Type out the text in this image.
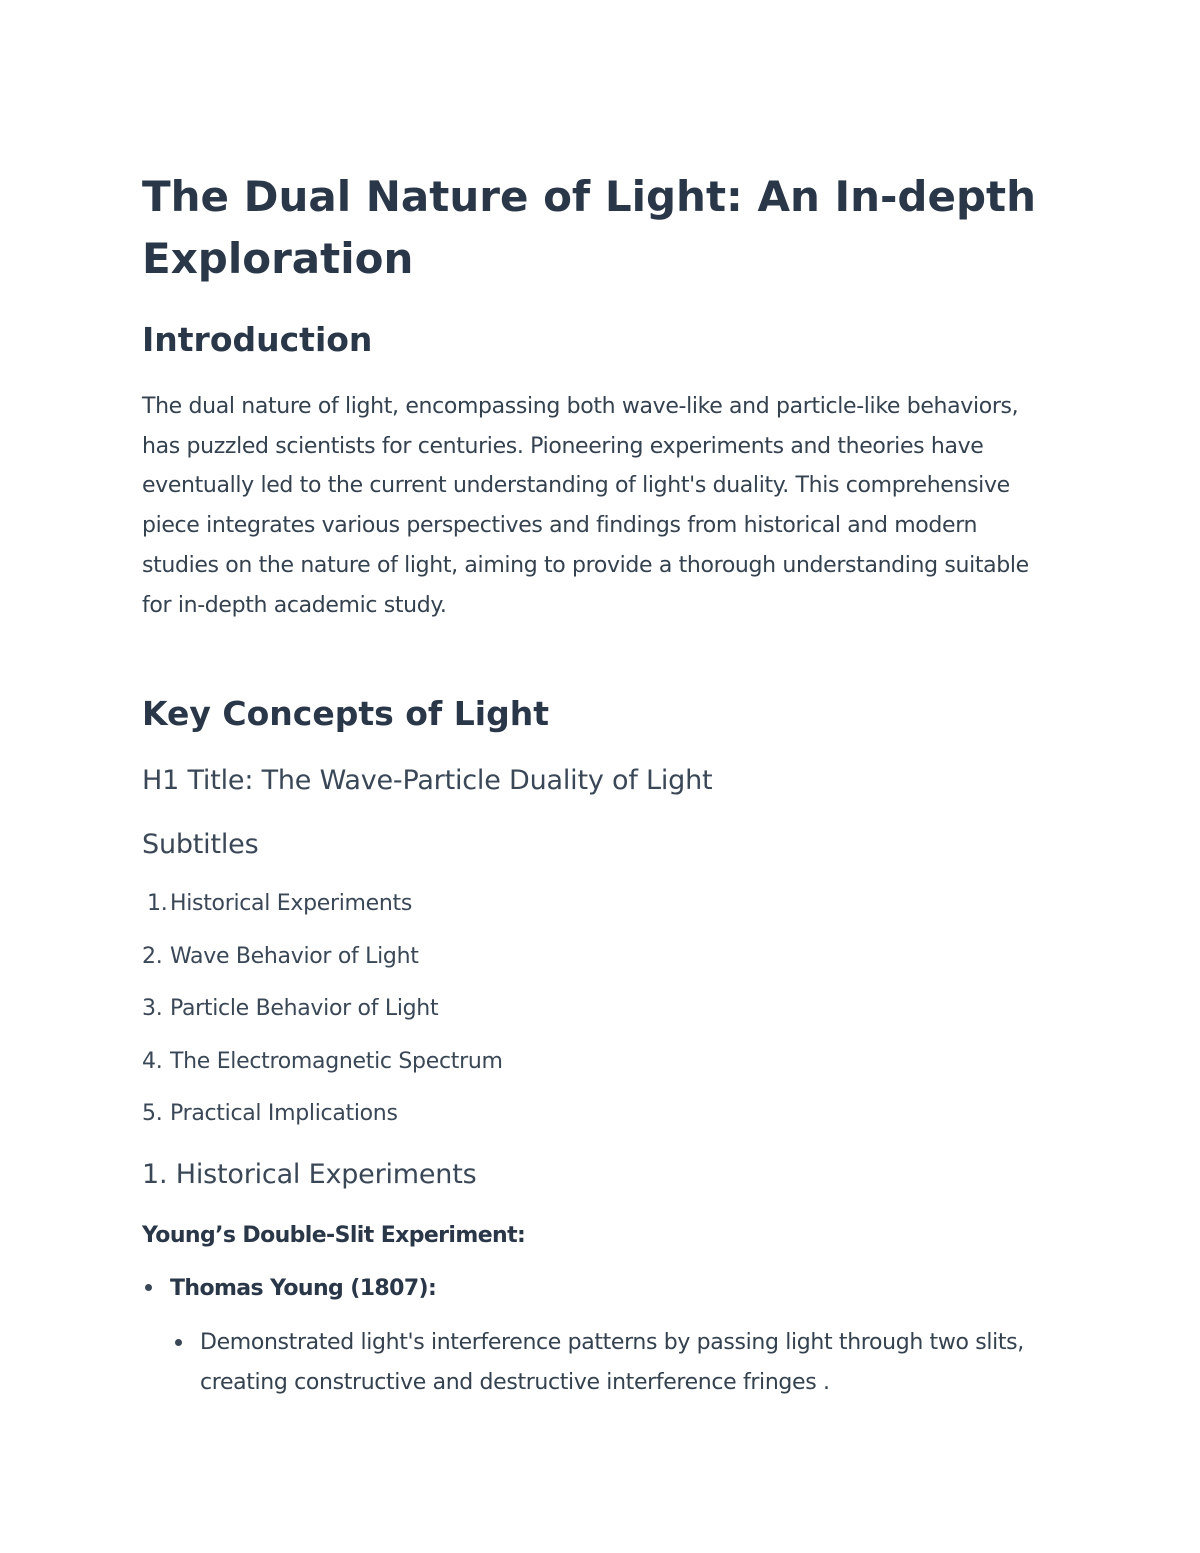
The Dual Nature of Light: An In-depth Exploration
Introduction

The dual nature of light, encompassing both wave-like and particle-like behaviors, has puzzled scientists for centuries. Pioneering experiments and theories have eventually led to the current understanding of light's duality. This comprehensive piece integrates various perspectives and findings from historical and modern studies on the nature of light, aiming to provide a thorough understanding suitable for in-depth academic study.

Key Concepts of Light
H1 Title: The Wave-Particle Duality of Light
Subtitles
1. Historical Experiments
2. Wave Behavior of Light
3. Particle Behavior of Light
4. The Electromagnetic Spectrum
5. Practical Implications
1. Historical Experiments

Young’s Double-Slit Experiment:

Thomas Young (1807):

Demonstrated light's interference patterns by passing light through two slits, creating constructive and destructive interference fringes .
